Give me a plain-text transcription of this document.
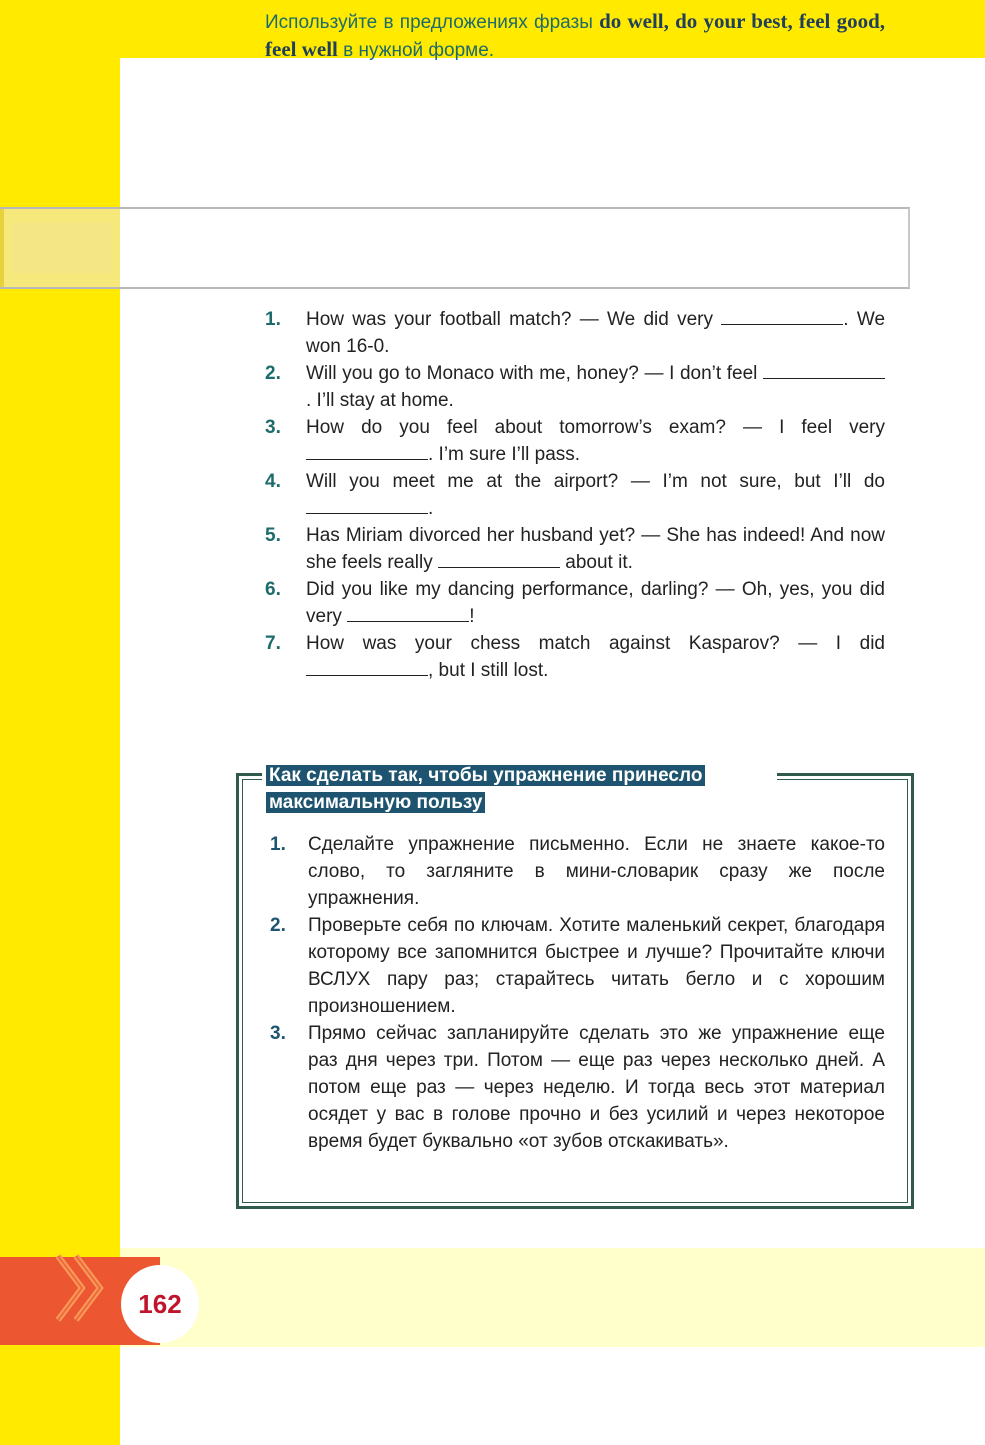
Используйте в предложениях фразы do well, do your best, feel good, feel well в нужной форме.
1. How was your football match? — We did very	. We won 16-0.
2. Will you go to Monaco with me, honey? — I don’t feel . I’ll stay at home.
3. How do you feel about tomorrow’s exam? — I feel very . I’m sure I’ll pass.
4. Will you meet me at the airport? — I’m not sure, but I’ll do .
5. Has Miriam divorced her husband yet? — She has indeed! And now she feels really	about it.
6. Did you like my dancing performance, darling? — Oh, yes, you did very	!
7. How was your chess match against Kasparov? — I did , but I still lost.
Как сделать так, чтобы упражнение принесло максимальную пользу
1. Сделайте упражнение письменно. Если не знаете какое-то слово, то загляните в мини-словарик сразу же после упражнения.
2. Проверьте себя по ключам. Хотите маленький секрет, благодаря которому все запомнится быстрее и лучше? Прочитайте ключи ВСЛУХ пару раз; старайтесь читать бегло и с хорошим произношением.
3. Прямо сейчас запланируйте сделать это же упражнение еще раз дня через три. Потом — еще раз через несколько дней. А потом еще раз — через неделю. И тогда весь этот материал осядет у вас в голове прочно и без усилий и через некоторое время будет буквально «от зубов отскакивать».
162
